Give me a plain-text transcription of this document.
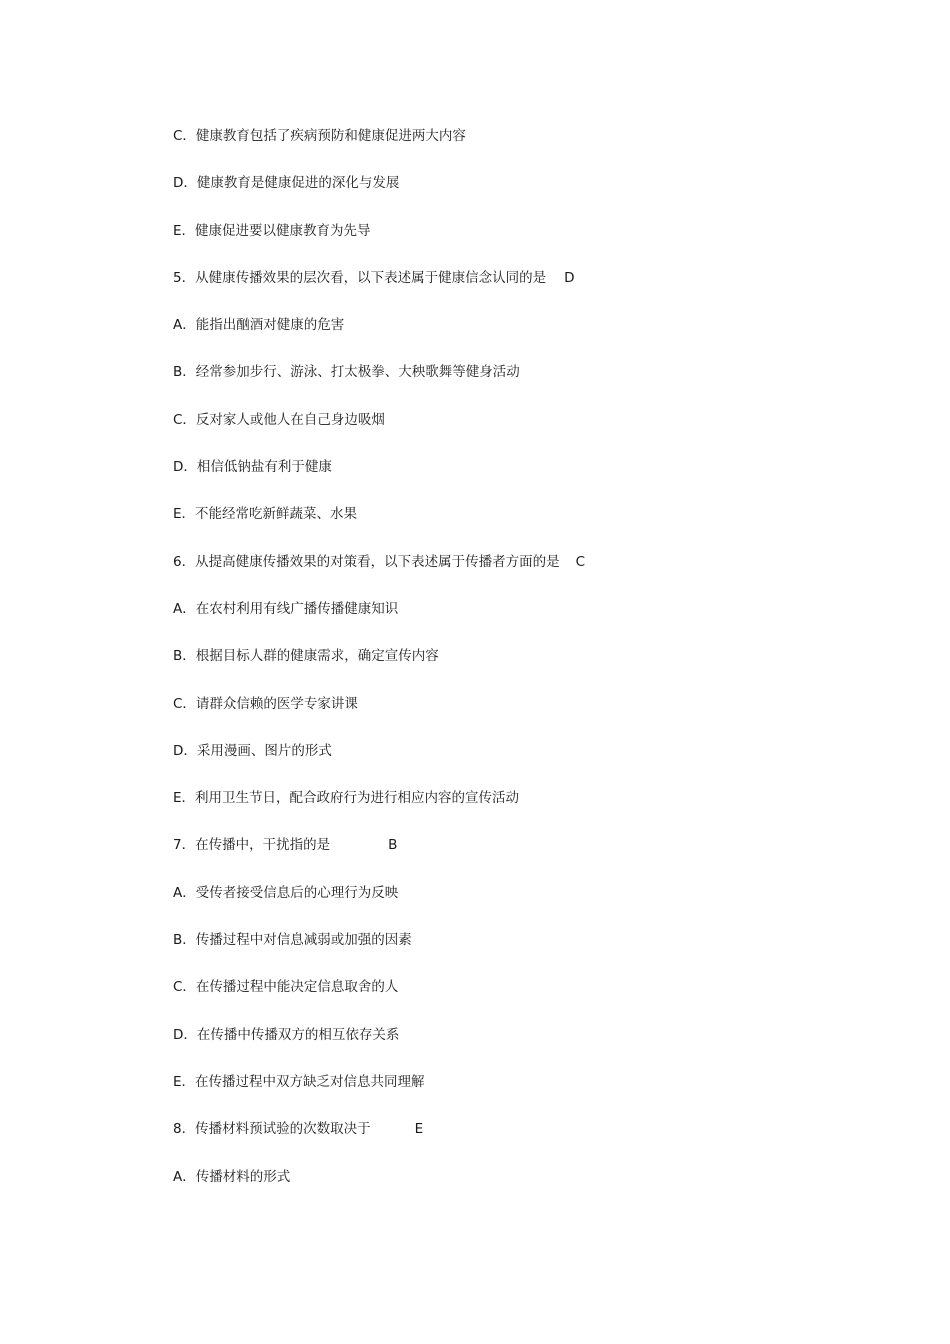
C．健康教育包括了疾病预防和健康促进两大内容
D．健康教育是健康促进的深化与发展
E．健康促进要以健康教育为先导
5．从健康传播效果的层次看，以下表述属于健康信念认同的是 D
A．能指出酗酒对健康的危害
B．经常参加步行、游泳、打太极拳、大秧歌舞等健身活动
C．反对家人或他人在自己身边吸烟
D．相信低钠盐有利于健康
E．不能经常吃新鲜蔬菜、水果
6．从提高健康传播效果的对策看，以下表述属于传播者方面的是 C
A．在农村利用有线广播传播健康知识
B．根据目标人群的健康需求，确定宣传内容
C．请群众信赖的医学专家讲课
D．采用漫画、图片的形式
E．利用卫生节日，配合政府行为进行相应内容的宣传活动
7．在传播中，干扰指的是	B
A．受传者接受信息后的心理行为反映
B．传播过程中对信息减弱或加强的因素
C．在传播过程中能决定信息取舍的人
D．在传播中传播双方的相互依存关系
E．在传播过程中双方缺乏对信息共同理解
8．传播材料预试验的次数取决于	E
A．传播材料的形式
